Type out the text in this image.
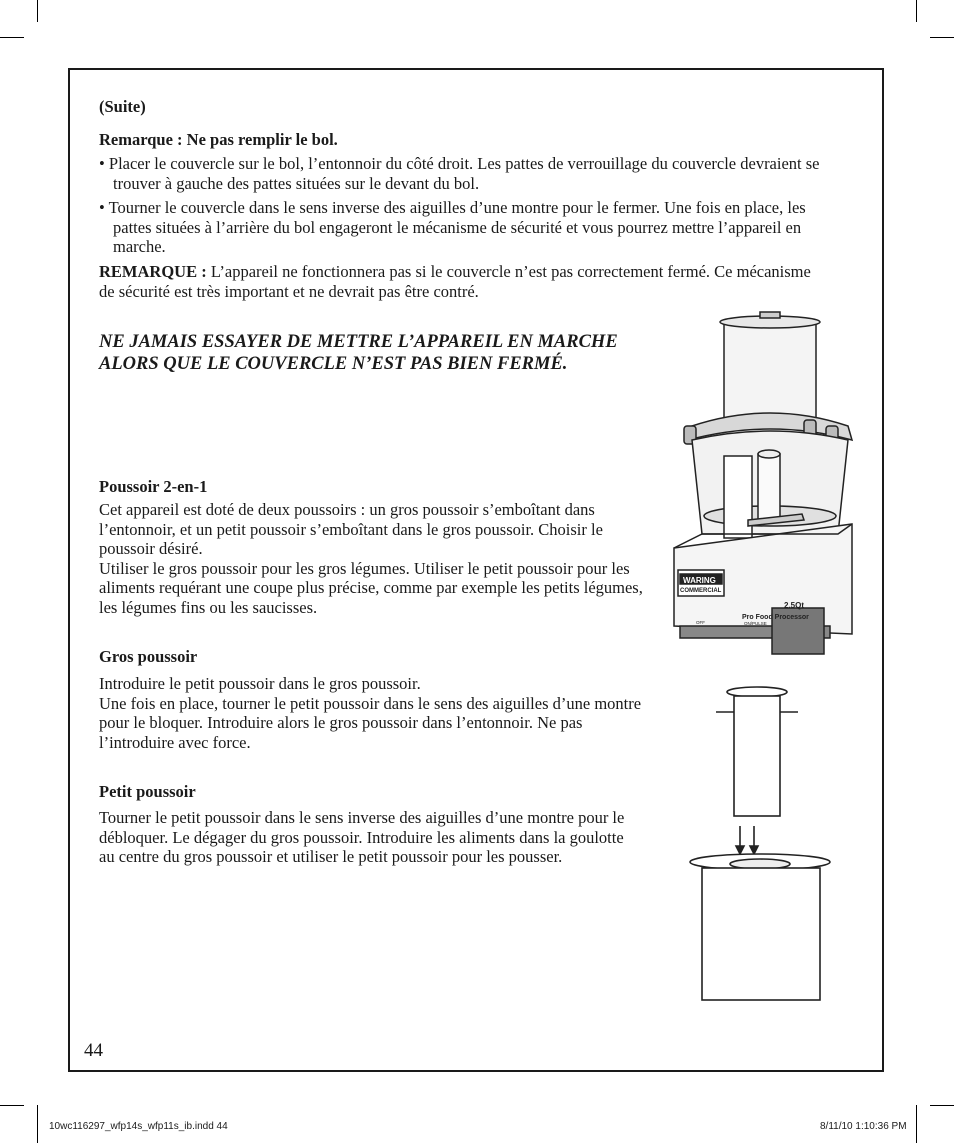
(Suite)
Remarque : Ne pas remplir le bol.
• Placer le couvercle sur le bol, l’entonnoir du côté droit. Les pattes de verrouillage du couvercle devraient se trouver à gauche des pattes situées sur le devant du bol.
• Tourner le couvercle dans le sens inverse des aiguilles d’une montre pour le fermer. Une fois en place, les pattes situées à l’arrière du bol engageront le mécanisme de sécurité et vous pourrez mettre l’appareil en marche.
REMARQUE : L’appareil ne fonctionnera pas si le couvercle n’est pas correctement fermé. Ce mécanisme de sécurité est très important et ne devrait pas être contré.
NE JAMAIS ESSAYER DE METTRE L’APPAREIL EN MARCHE ALORS QUE LE COUVERCLE N’EST PAS BIEN FERMÉ.
Poussoir 2-en-1
Cet appareil est doté de deux poussoirs : un gros poussoir s’emboîtant dans l’entonnoir, et un petit poussoir s’emboîtant dans le gros poussoir. Choisir le poussoir désiré.
Utiliser le gros poussoir pour les gros légumes. Utiliser le petit poussoir pour les aliments requérant une coupe plus précise, comme par exemple les petits légumes, les légumes fins ou les saucisses.
Gros poussoir
Introduire le petit poussoir dans le gros poussoir.
Une fois en place, tourner le petit poussoir dans le sens des aiguilles d’une montre pour le bloquer. Introduire alors le gros poussoir dans l’entonnoir. Ne pas l’introduire avec force.
Petit poussoir
Tourner le petit poussoir dans le sens inverse des aiguilles d’une montre pour le débloquer. Le dégager du gros poussoir. Introduire les aliments dans la goulotte au centre du gros poussoir et utiliser le petit poussoir pour les pousser.
WARING
COMMERCIAL
2.5Qt
Pro Food Processor
OFF	ON/PULSE
44
10wc116297_wfp14s_wfp11s_ib.indd 44	8/11/10 1:10:36 PM
